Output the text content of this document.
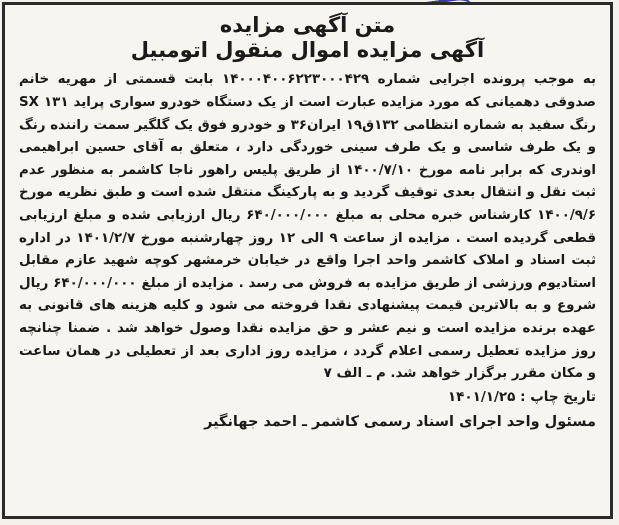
متن آگهی مزایده
آگهی مزایده اموال منقول اتومبیل

به موجب پرونده اجرایی شماره ۱۴۰۰۰۴۰۰۶۲۲۳۰۰۰۴۲۹ بابت قسمتی از مهریه خانم صدوقی دهمیانی که مورد مزایده عبارت است از یک دستگاه خودرو سواری پراید ۱۳۱ SX رنگ سفید به شماره انتظامی ۱۳۲ق۱۹ ایران۳۶ و خودرو فوق یک گلگیر سمت راننده رنگ و یک طرف شاسی و یک طرف سینی خوردگی دارد ، متعلق به آقای حسین ابراهیمی اوندری که برابر نامه مورخ ۱۴۰۰/۷/۱۰ از طریق پلیس راهور ناجا کاشمر به منظور عدم ثبت نقل و انتقال بعدی توقیف گردید و به پارکینگ منتقل شده است و طبق نظریه مورخ ۱۴۰۰/۹/۶ کارشناس خبره محلی به مبلغ ۶۴۰/۰۰۰/۰۰۰ ریال ارزیابی شده و مبلغ ارزیابی قطعی گردیده است . مزایده از ساعت ۹ الی ۱۲ روز چهارشنبه مورخ ۱۴۰۱/۲/۷ در اداره ثبت اسناد و املاک کاشمر واحد اجرا واقع در خیابان خرمشهر کوچه شهید عازم مقابل استادیوم ورزشی از طریق مزایده به فروش می رسد . مزایده از مبلغ ۶۴۰/۰۰۰/۰۰۰ ریال شروع و به بالاترین قیمت پیشنهادی نقدا فروخته می شود و کلیه هزینه های قانونی به عهده برنده مزایده است و نیم عشر و حق مزایده نقدا وصول خواهد شد . ضمنا چنانچه روز مزایده تعطیل رسمی اعلام گردد ، مزایده روز اداری بعد از تعطیلی در همان ساعت و مکان مقرر برگزار خواهد شد. م ـ الف ۷

تاریخ چاپ : ۱۴۰۱/۱/۲۵

مسئول واحد اجرای اسناد رسمی کاشمر ـ احمد جهانگیر
